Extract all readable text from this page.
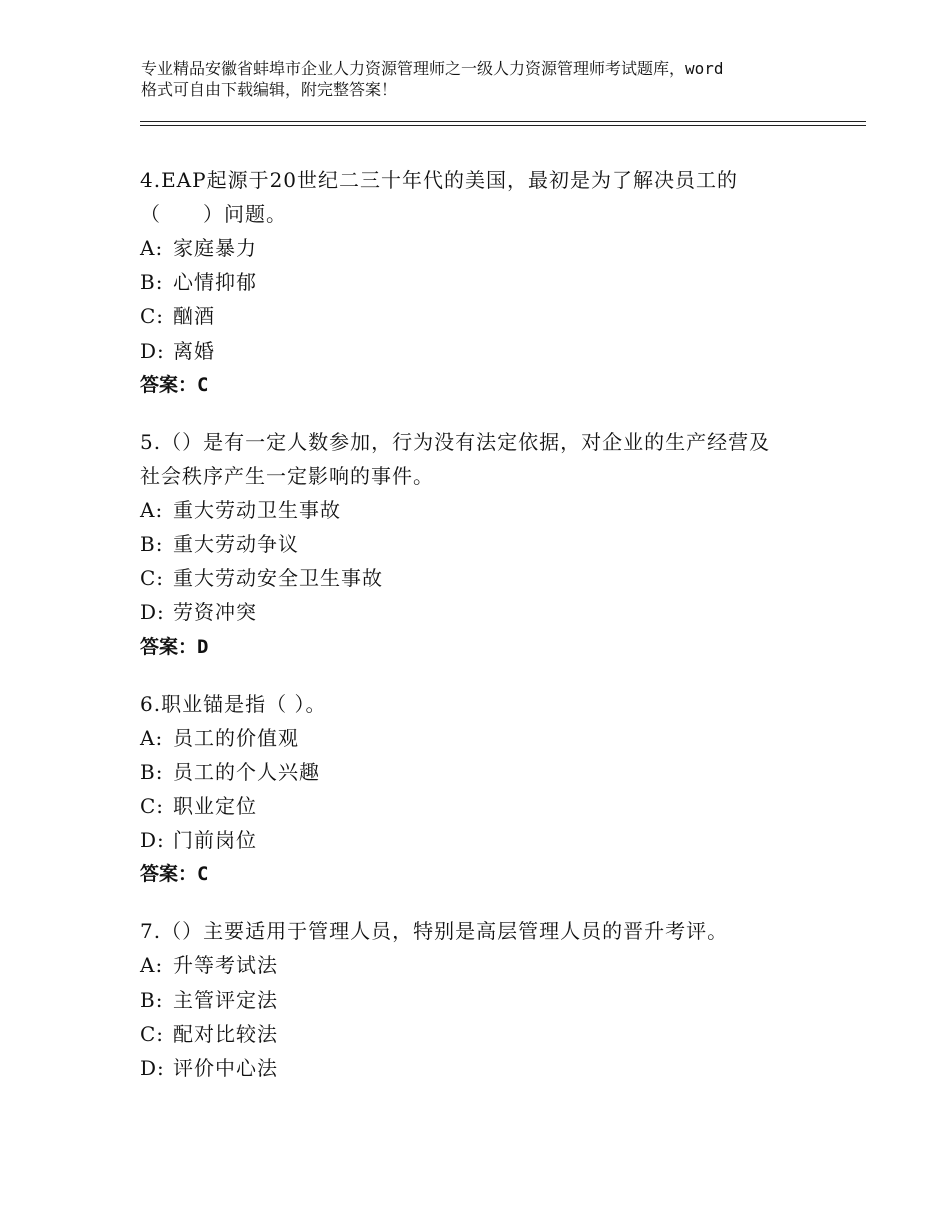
专业精品安徽省蚌埠市企业人力资源管理师之一级人力资源管理师考试题库，word
格式可自由下载编辑，附完整答案！

4.EAP起源于20世纪二三十年代的美国，最初是为了解决员工的

（　　）问题。

A: 家庭暴力

B: 心情抑郁

C: 酗酒

D: 离婚

答案：C

5.（）是有一定人数参加，行为没有法定依据，对企业的生产经营及

社会秩序产生一定影响的事件。

A: 重大劳动卫生事故

B: 重大劳动争议

C: 重大劳动安全卫生事故

D: 劳资冲突

答案：D

6.职业锚是指（ ）。

A: 员工的价值观

B: 员工的个人兴趣

C: 职业定位

D: 门前岗位

答案：C

7.（）主要适用于管理人员，特别是高层管理人员的晋升考评。

A: 升等考试法

B: 主管评定法

C: 配对比较法

D: 评价中心法
